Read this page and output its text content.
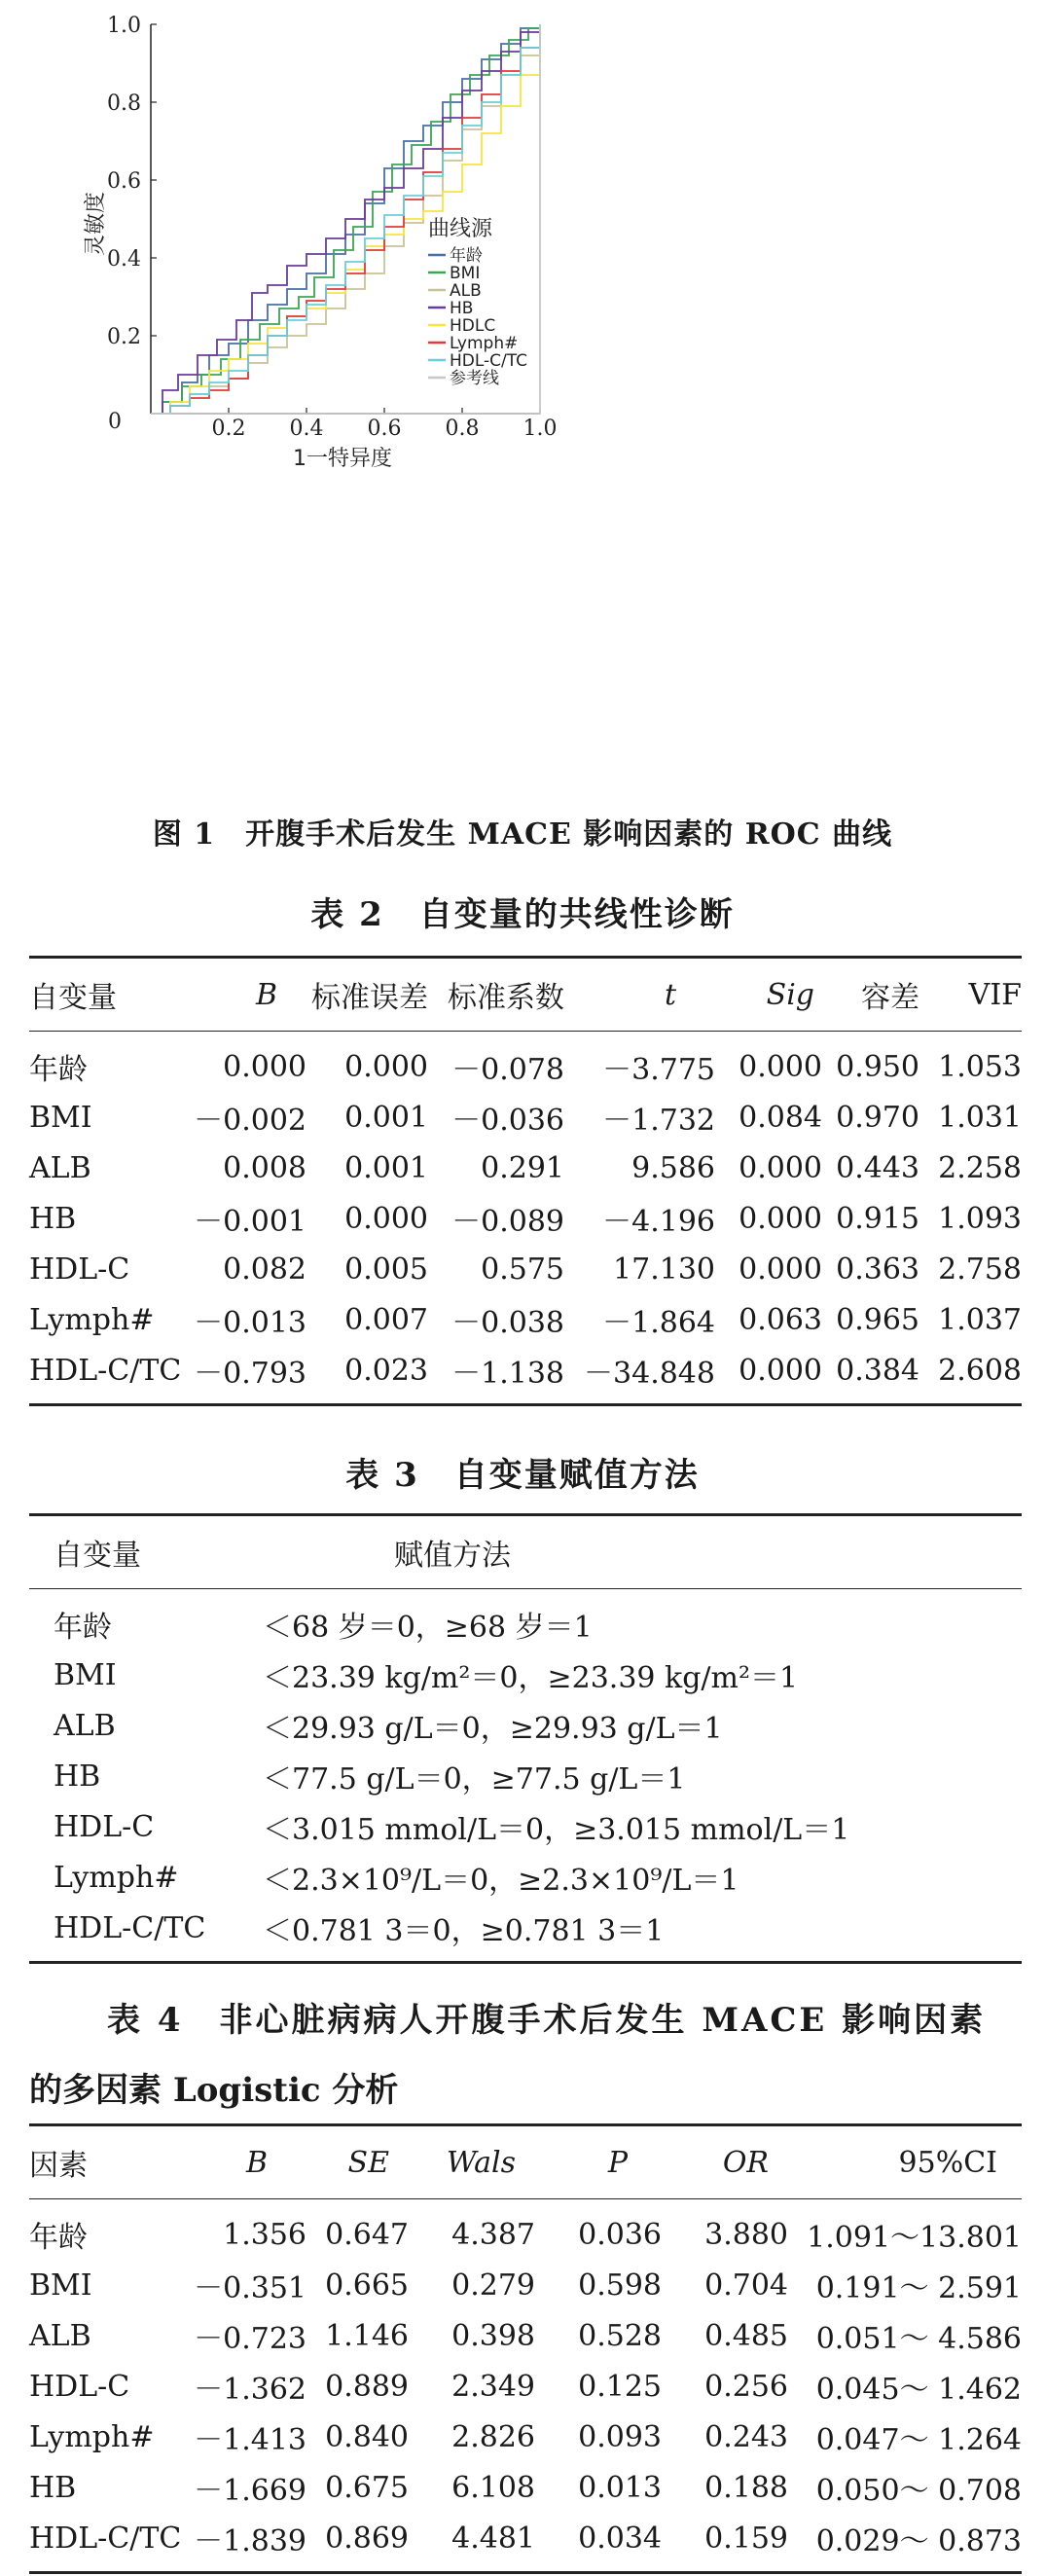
1.0
0.8
0.6
0.4
0.2
0	0.2 0.4 0.6 0.8 1.0
灵敏度
1一特异度
曲线源
年龄
BMI
ALB
HB
HDLC
Lymph#
HDL-C/TC
参考线
图 1　开腹手术后发生 MACE 影响因素的 ROC 曲线
表 2　自变量的共线性诊断
自变量	B	标准误差	标准系数	t	Sig	容差	VIF
年龄	0.000	0.000	－0.078	－3.775	0.000	0.950	1.053
BMI	－0.002	0.001	－0.036	－1.732	0.084	0.970	1.031
ALB	0.008	0.001	0.291	9.586	0.000	0.443	2.258
HB	－0.001	0.000	－0.089	－4.196	0.000	0.915	1.093
HDL-C	0.082	0.005	0.575	17.130	0.000	0.363	2.758
Lymph#	－0.013	0.007	－0.038	－1.864	0.063	0.965	1.037
HDL-C/TC	－0.793	0.023	－1.138	－34.848	0.000	0.384	2.608
表 3　自变量赋值方法
自变量	赋值方法
年龄	＜68 岁＝0，≥68 岁＝1
BMI	＜23.39 kg/m²＝0，≥23.39 kg/m²＝1
ALB	＜29.93 g/L＝0，≥29.93 g/L＝1
HB	＜77.5 g/L＝0，≥77.5 g/L＝1
HDL-C	＜3.015 mmol/L＝0，≥3.015 mmol/L＝1
Lymph#	＜2.3×10⁹/L＝0，≥2.3×10⁹/L＝1
HDL-C/TC	＜0.781 3＝0，≥0.781 3＝1
表 4　非心脏病病人开腹手术后发生 MACE 影响因素
的多因素 Logistic 分析
因素	B	SE	Wals	P	OR	95%CI
年龄	1.356	0.647	4.387	0.036	3.880	1.091～13.801
BMI	－0.351	0.665	0.279	0.598	0.704	0.191～ 2.591
ALB	－0.723	1.146	0.398	0.528	0.485	0.051～ 4.586
HDL-C	－1.362	0.889	2.349	0.125	0.256	0.045～ 1.462
Lymph#	－1.413	0.840	2.826	0.093	0.243	0.047～ 1.264
HB	－1.669	0.675	6.108	0.013	0.188	0.050～ 0.708
HDL-C/TC	－1.839	0.869	4.481	0.034	0.159	0.029～ 0.873
